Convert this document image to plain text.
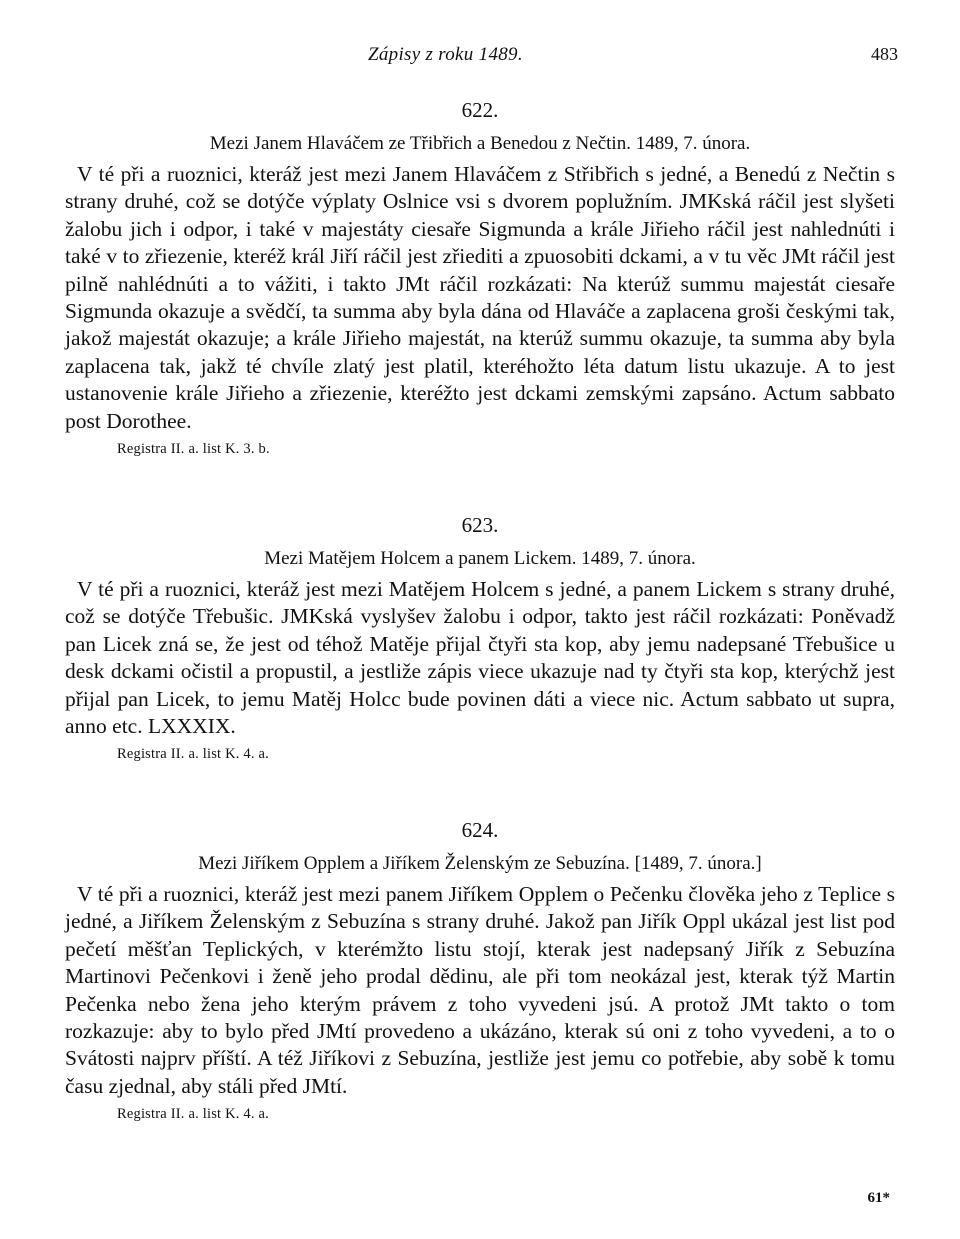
Zápisy z roku 1489.	483
622.
Mezi Janem Hlaváčem ze Třibřich a Benedou z Nečtin. 1489, 7. února.

V té při a ruoznici, kteráž jest mezi Janem Hlaváčem z Střibřich s jedné, a Benedú z Nečtin s strany druhé, což se dotýče výplaty Oslnice vsi s dvorem poplužním. JMKská ráčil jest slyšeti žalobu jich i odpor, i také v majestáty ciesaře Sigmunda a krále Jiřieho ráčil jest nahlednúti i také v to zřiezenie, kteréž král Jiří ráčil jest zřiediti a zpuosobiti dckami, a v tu věc JMt ráčil jest pilně nahlédnúti a to vážiti, i takto JMt ráčil rozkázati: Na kterúž summu majestát ciesaře Sigmunda okazuje a svědčí, ta summa aby byla dána od Hlaváče a zaplacena groši českými tak, jakož majestát okazuje; a krále Jiřieho majestát, na kterúž summu okazuje, ta summa aby byla zaplacena tak, jakž té chvíle zlatý jest platil, kteréhožto léta datum listu ukazuje. A to jest ustanovenie krále Jiřieho a zřiezenie, kteréžto jest dckami zemskými zapsáno. Actum sabbato post Dorothee.

Registra II. a. list K. 3. b.
623.
Mezi Matějem Holcem a panem Lickem. 1489, 7. února.

V té při a ruoznici, kteráž jest mezi Matějem Holcem s jedné, a panem Lickem s strany druhé, což se dotýče Třebušic. JMKská vyslyšev žalobu i odpor, takto jest ráčil rozkázati: Poněvadž pan Licek zná se, že jest od téhož Matěje přijal čtyři sta kop, aby jemu nadepsané Třebušice u desk dckami očistil a propustil, a jestliže zápis viece ukazuje nad ty čtyři sta kop, kterýchž jest přijal pan Licek, to jemu Matěj Holcc bude povinen dáti a viece nic. Actum sabbato ut supra, anno etc. LXXXIX.

Registra II. a. list K. 4. a.
624.
Mezi Jiříkem Opplem a Jiříkem Želenským ze Sebuzína. [1489, 7. února.]

V té při a ruoznici, kteráž jest mezi panem Jiříkem Opplem o Pečenku člověka jeho z Teplice s jedné, a Jiříkem Želenským z Sebuzína s strany druhé. Jakož pan Jiřík Oppl ukázal jest list pod pečetí měšťan Teplických, v kterémžto listu stojí, kterak jest nadepsaný Jiřík z Sebuzína Martinovi Pečenkovi i ženě jeho prodal dědinu, ale při tom neokázal jest, kterak týž Martin Pečenka nebo žena jeho kterým právem z toho vyvedeni jsú. A protož JMt takto o tom rozkazuje: aby to bylo před JMtí provedeno a ukázáno, kterak sú oni z toho vyvedeni, a to o Svátosti najprv příští. A též Jiříkovi z Sebuzína, jestliže jest jemu co potřebie, aby sobě k tomu času zjednal, aby stáli před JMtí.

Registra II. a. list K. 4. a.
61*
